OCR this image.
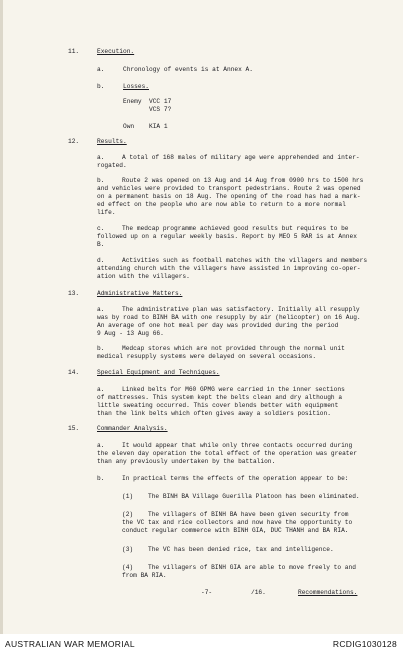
11.	Execution.
a.	Chronology of events is at Annex A.
b.	Losses.
Enemy VCC 17
VCS 7?
Own KIA 1
12.	Results.
a.	A total of 168 males of military age were apprehended and inter-
rogated.
b.	Route 2 was opened on 13 Aug and 14 Aug from 0900 hrs to 1500 hrs
and vehicles were provided to transport pedestrians. Route 2 was opened
on a permanent basis on 18 Aug. The opening of the road has had a mark-
ed effect on the people who are now able to return to a more normal
life.
c.	The medcap programme achieved good results but requires to be
followed up on a regular weekly basis. Report by MEO 5 RAR is at Annex
B.
d.	Activities such as football matches with the villagers and members
attending church with the villagers have assisted in improving co-oper-
ation with the villagers.
13.	Administrative Matters.
a.	The administrative plan was satisfactory. Initially all resupply
was by road to BINH BA with one resupply by air (helicopter) on 16 Aug.
An average of one hot meal per day was provided during the period
9 Aug - 13 Aug 66.
b.	Medcap stores which are not provided through the normal unit
medical resupply systems were delayed on several occasions.
14.	Special Equipment and Techniques.
a.	Linked belts for M60 GPMG were carried in the inner sections
of mattresses. This system kept the belts clean and dry although a
little sweating occurred. This cover blends better with equipment
than the link belts which often gives away a soldiers position.
15.	Commander Analysis.
a.	It would appear that while only three contacts occurred during
the eleven day operation the total effect of the operation was greater
than any previously undertaken by the battalion.
b.	In practical terms the effects of the operation appear to be:
(1) The BINH BA Village Guerilla Platoon has been eliminated.
(2) The villagers of BINH BA have been given security from
the VC tax and rice collectors and now have the opportunity to
conduct regular commerce with BINH GIA, DUC THANH and BA RIA.
(3) The VC has been denied rice, tax and intelligence.
(4) The villagers of BINH GIA are able to move freely to and
from BA RIA.
-7-	/16.	Recommendations.
AUSTRALIAN WAR MEMORIAL	RCDIG1030128
